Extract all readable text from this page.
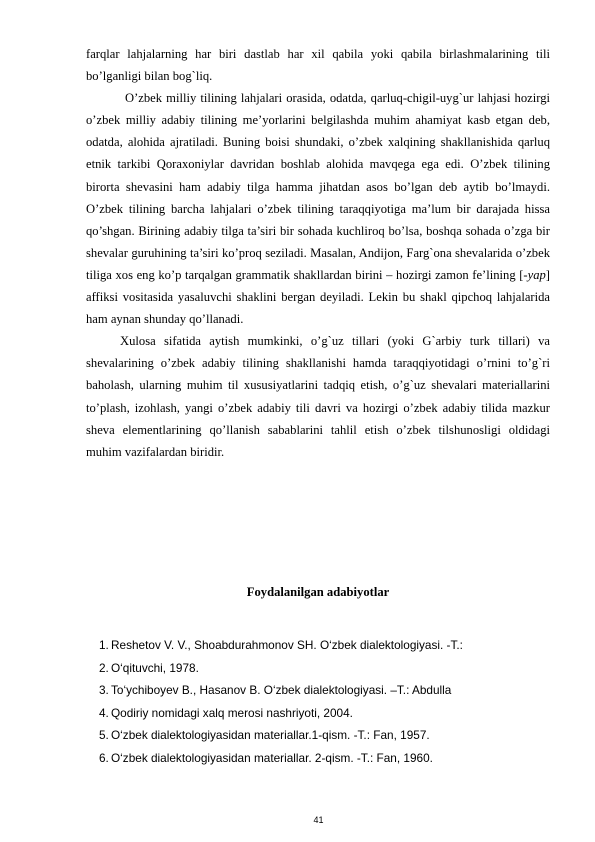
farqlar lahjalarning har biri dastlab har xil qabila yoki qabila birlashmalarining tili bo’lganligi bilan bog`liq.

O’zbek milliy tilining lahjalari orasida, odatda, qarluq-chigil-uyg`ur lahjasi hozirgi o’zbek milliy adabiy tilining me’yorlarini belgilashda muhim ahamiyat kasb etgan deb, odatda, alohida ajratiladi. Buning boisi shundaki, o’zbek xalqining shakllanishida qarluq etnik tarkibi Qoraxoniylar davridan boshlab alohida mavqega ega edi. O’zbek tilining birorta shevasini ham adabiy tilga hamma jihatdan asos bo’lgan deb aytib bo’lmaydi. O’zbek tilining barcha lahjalari o’zbek tilining taraqqiyotiga ma’lum bir darajada hissa qo’shgan. Birining adabiy tilga ta’siri bir sohada kuchliroq bo’lsa, boshqa sohada o’zga bir shevalar guruhining ta’siri ko’proq seziladi. Masalan, Andijon, Farg`ona shevalarida o’zbek tiliga xos eng ko’p tarqalgan grammatik shakllardan birini – hozirgi zamon fe’lining [-yap] affiksi vositasida yasaluvchi shaklini bergan deyiladi. Lekin bu shakl qipchoq lahjalarida ham aynan shunday qo’llanadi.

Xulosa sifatida aytish mumkinki, o’g`uz tillari (yoki G`arbiy turk tillari) va shevalarining o’zbek adabiy tilining shakllanishi hamda taraqqiyotidagi o’rnini to’g`ri baholash, ularning muhim til xususiyatlarini tadqiq etish, o’g`uz shevalari materiallarini to’plash, izohlash, yangi o’zbek adabiy tili davri va hozirgi o’zbek adabiy tilida mazkur sheva elementlarining qo’llanish sabablarini tahlil etish o’zbek tilshunosligi oldidagi muhim vazifalardan biridir.

Foydalanilgan adabiyotlar
1. Reshetov V. V., Shoabdurahmonov SH. O‘zbek dialektologiyasi. -T.:
2. O‘qituvchi, 1978.
3. To‘ychiboyev B., Hasanov B. O‘zbek dialektologiyasi. –T.: Abdulla
4. Qodiriy nomidagi xalq merosi nashriyoti, 2004.
5. O‘zbek dialektologiyasidan materiallar.1-qism. -T.: Fan, 1957.
6. O‘zbek dialektologiyasidan materiallar. 2-qism. -T.: Fan, 1960.
41
